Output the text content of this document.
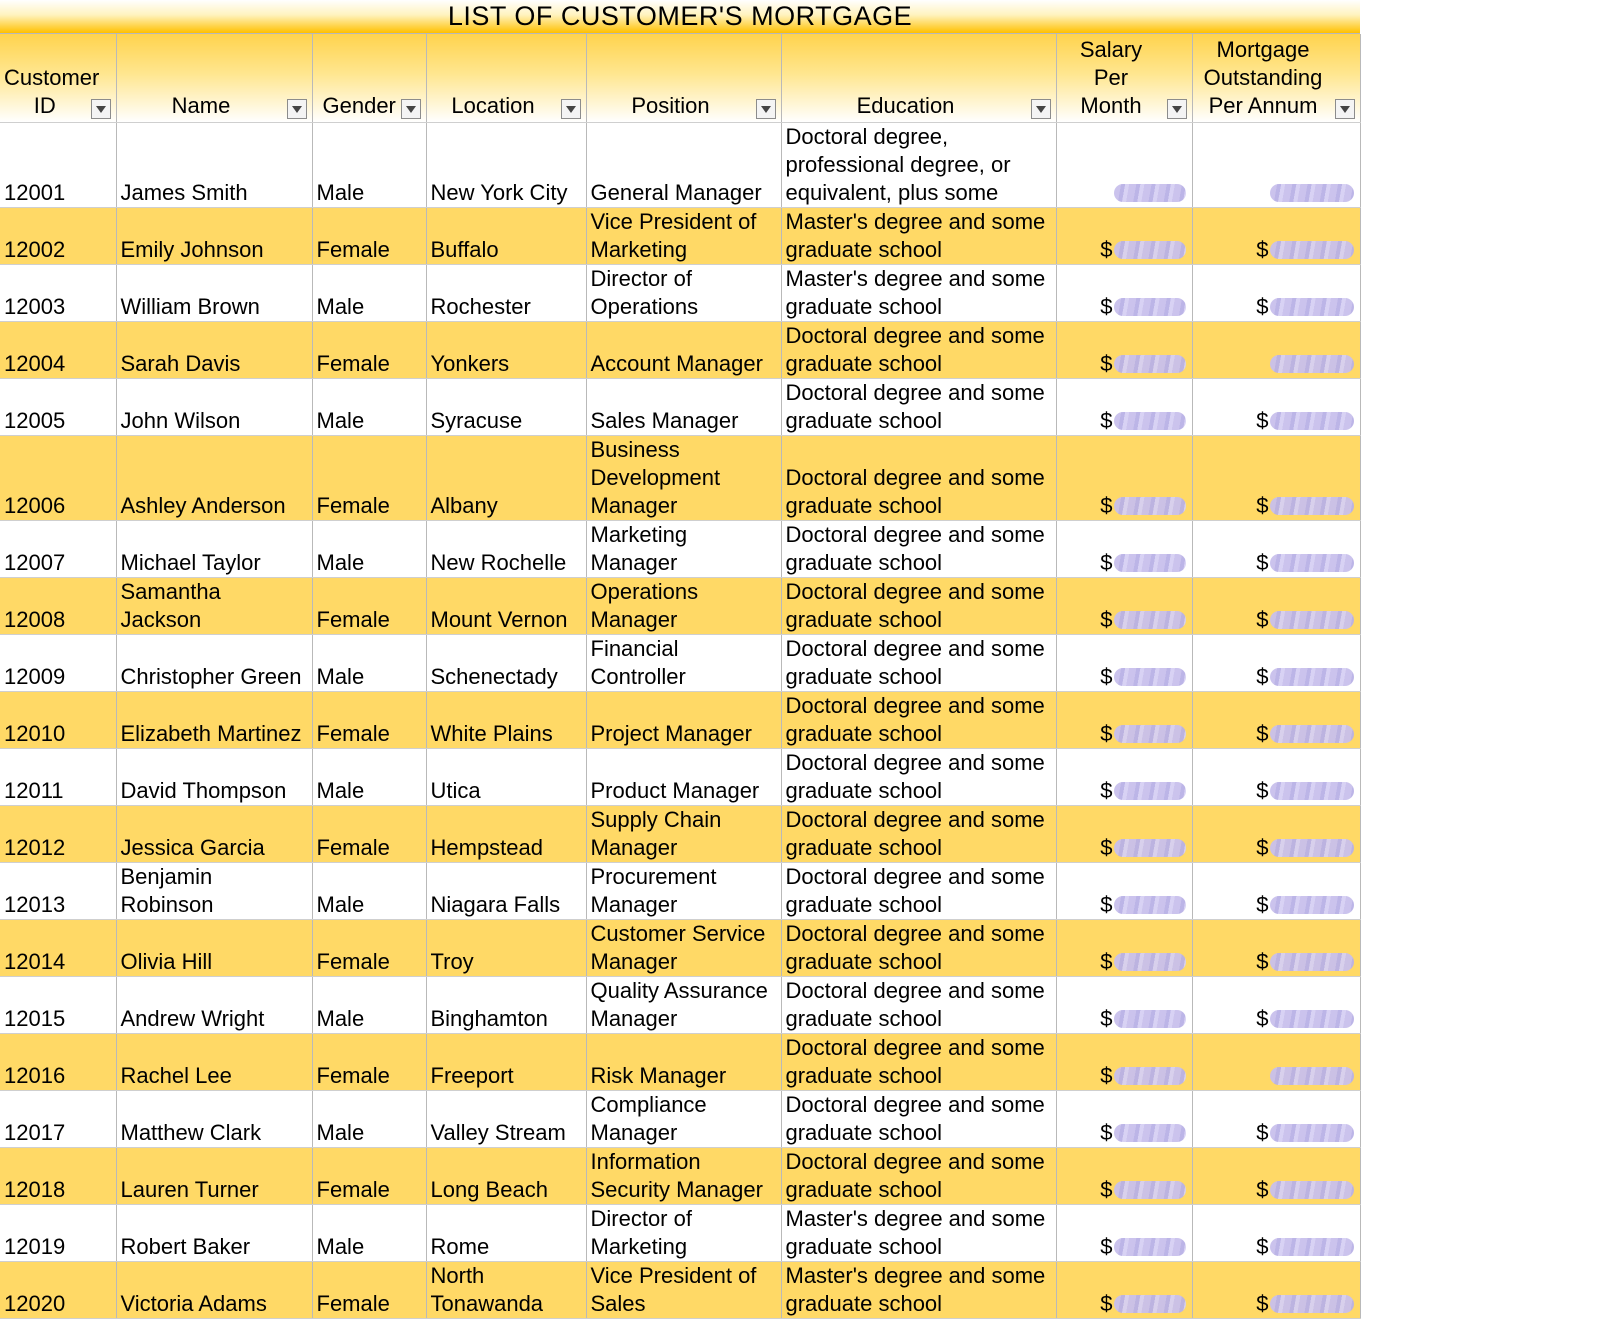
LIST OF CUSTOMER'S MORTGAGE
Customer ID	Name	Gender	Location	Position	Education	Salary Per Month	Mortgage Outstanding Per Annum

12001	James Smith	Male	New York City	General Manager	Doctoral degree, professional degree, or equivalent, plus some		
12002	Emily Johnson	Female	Buffalo	Vice President of Marketing	Master's degree and some graduate school	$	$
12003	William Brown	Male	Rochester	Director of Operations	Master's degree and some graduate school	$	$
12004	Sarah Davis	Female	Yonkers	Account Manager	Doctoral degree and some graduate school	$	
12005	John Wilson	Male	Syracuse	Sales Manager	Doctoral degree and some graduate school	$	$
12006	Ashley Anderson	Female	Albany	Business Development Manager	Doctoral degree and some graduate school	$	$
12007	Michael Taylor	Male	New Rochelle	Marketing Manager	Doctoral degree and some graduate school	$	$
12008	Samantha Jackson	Female	Mount Vernon	Operations Manager	Doctoral degree and some graduate school	$	$
12009	Christopher Green	Male	Schenectady	Financial Controller	Doctoral degree and some graduate school	$	$
12010	Elizabeth Martinez	Female	White Plains	Project Manager	Doctoral degree and some graduate school	$	$
12011	David Thompson	Male	Utica	Product Manager	Doctoral degree and some graduate school	$	$
12012	Jessica Garcia	Female	Hempstead	Supply Chain Manager	Doctoral degree and some graduate school	$	$
12013	Benjamin Robinson	Male	Niagara Falls	Procurement Manager	Doctoral degree and some graduate school	$	$
12014	Olivia Hill	Female	Troy	Customer Service Manager	Doctoral degree and some graduate school	$	$
12015	Andrew Wright	Male	Binghamton	Quality Assurance Manager	Doctoral degree and some graduate school	$	$
12016	Rachel Lee	Female	Freeport	Risk Manager	Doctoral degree and some graduate school	$	
12017	Matthew Clark	Male	Valley Stream	Compliance Manager	Doctoral degree and some graduate school	$	$
12018	Lauren Turner	Female	Long Beach	Information Security Manager	Doctoral degree and some graduate school	$	$
12019	Robert Baker	Male	Rome	Director of Marketing	Master's degree and some graduate school	$	$
12020	Victoria Adams	Female	North Tonawanda	Vice President of Sales	Master's degree and some graduate school	$	$
